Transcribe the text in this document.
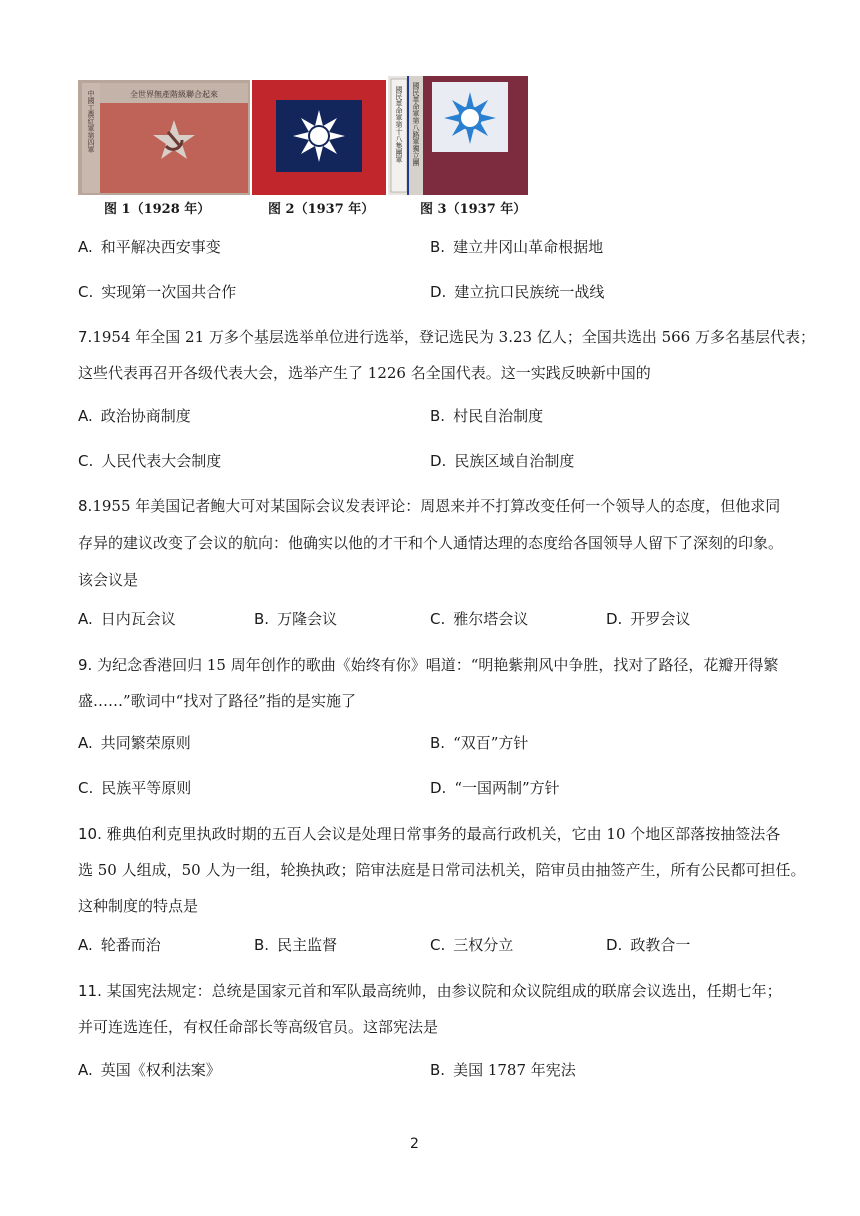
全世界無產階級聯合起來
中國工農紅軍第四軍	國民革命軍第十八集團軍 國民革命軍第八路軍獨立團
图 1（1928 年）	图 2（1937 年）	图 3（1937 年）
A. 和平解决西安事变	B. 建立井冈山革命根据地
C. 实现第一次国共合作	D. 建立抗口民族统一战线
7.1954 年全国 21 万多个基层选举单位进行选举，登记选民为 3.23 亿人；全国共选出 566 万多名基层代表；
这些代表再召开各级代表大会，选举产生了 1226 名全国代表。这一实践反映新中国的
A. 政治协商制度	B. 村民自治制度
C. 人民代表大会制度	D. 民族区域自治制度
8.1955 年美国记者鲍大可对某国际会议发表评论：周恩来并不打算改变任何一个领导人的态度，但他求同
存异的建议改变了会议的航向：他确实以他的才干和个人通情达理的态度给各国领导人留下了深刻的印象。
该会议是
A. 日内瓦会议	B. 万隆会议	C. 雅尔塔会议	D. 开罗会议
9. 为纪念香港回归 15 周年创作的歌曲《始终有你》唱道：“明艳紫荆风中争胜，找对了路径，花瓣开得繁
盛……”歌词中“找对了路径”指的是实施了
A. 共同繁荣原则	B. “双百”方针
C. 民族平等原则	D. “一国两制”方针
10. 雅典伯利克里执政时期的五百人会议是处理日常事务的最高行政机关，它由 10 个地区部落按抽签法各
选 50 人组成，50 人为一组，轮换执政；陪审法庭是日常司法机关，陪审员由抽签产生，所有公民都可担任。
这种制度的特点是
A. 轮番而治	B. 民主监督	C. 三权分立	D. 政教合一
11. 某国宪法规定：总统是国家元首和军队最高统帅，由参议院和众议院组成的联席会议选出，任期七年；
并可连选连任，有权任命部长等高级官员。这部宪法是
A. 英国《权利法案》	B. 美国 1787 年宪法
2
